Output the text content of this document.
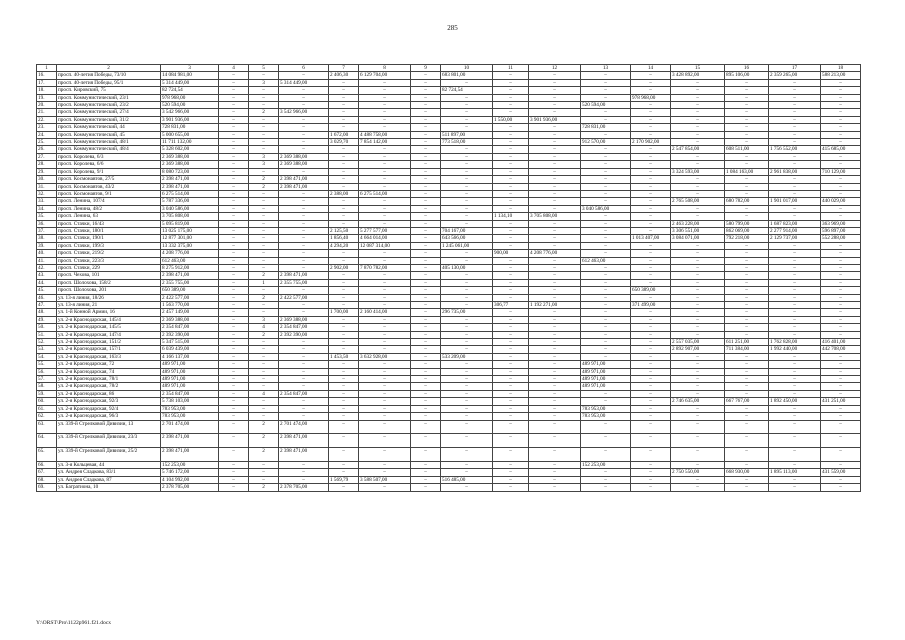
285
1	2	3	4	5	6	7	8	9	10	11	12	13	14	15	16	17	18
16.	просп. 40-летия Победы, 73/10	14 084 981,00	–	–	–	2 406,30	6 129 704,00	–	683 801,00	–	–	–	–	3 428 892,00	895 106,00	2 359 265,00	588 213,00
17.	просп. 40-летия Победы, 95/1	5 314 449,00	–	3	5 314 449,00	–	–	–	–	–	–	–	–	–	–	–	–
18.	просп. Кировский, 75	82 724,54	–	–	–	–	–	–	82 724,54	–	–	–	–	–	–	–	–
19.	просп. Коммунистический, 23/1	978 968,00	–	–	–	–	–	–	–	–	–	–	978 968,00	–	–	–	–
20.	просп. Коммунистический, 23/2	520 594,00	–	–	–	–	–	–	–	–	–	520 594,00	–	–	–	–	–
21.	просп. Коммунистический, 27/4	3 542 966,00	–	2	3 542 966,00	–	–	–	–	–	–	–	–	–	–	–	–
22.	просп. Коммунистический, 31/2	3 901 936,00	–	–	–	–	–	–	–	1 550,00	3 901 936,00	–	–	–	–	–	–
23.	просп. Коммунистический, 44	728 831,00	–	–	–	–	–	–	–	–	–	728 831,00	–	–	–	–	–
24.	просп. Коммунистический, 45	5 000 655,00	–	–	–	1 672,00	4 488 758,00	–	511 897,00	–	–	–	–	–	–	–	–
25.	просп. Коммунистический, 48/1	11 711 132,00	–	–	–	3 029,70	7 854 142,00	–	773 518,00	–	–	912 570,00	2 170 902,00	–	–	–	–
26.	просп. Коммунистический, 48/4	5 328 602,00	–	–	–	–	–	–	–	–	–	–	–	2 547 854,00	608 511,00	1 756 552,00	415 685,00
27.	просп. Королева, 6/3	2 369 388,00	–	3	2 369 388,00	–	–	–	–	–	–	–	–	–	–	–	–
28.	просп. Королева, 6/6	2 369 388,00	–	3	2 369 388,00	–	–	–	–	–	–	–	–	–	–	–	–
29.	просп. Королева, 9/1	8 080 723,00	–	–	–	–	–	–	–	–	–	–	–	3 324 593,00	1 084 163,00	2 961 838,00	710 129,00
30.	просп. Космонавтов, 27/5	2 398 471,00	–	2	2 398 471,00	–	–	–	–	–	–	–	–	–	–	–	–
31.	просп. Космонавтов, 43/2	2 398 471,00	–	2	2 398 471,00	–	–	–	–	–	–	–	–	–	–	–	–
32.	просп. Космонавтов, 9/1	6 275 514,00	–	–	–	2 388,00	6 275 514,00	–	–	–	–	–	–	–	–	–	–
33.	просп. Ленина, 107/4	5 787 336,00	–	–	–	–	–	–	–	–	–	–	–	2 765 508,00	680 782,00	1 901 017,00	440 029,00
34.	просп. Ленина, 48/2	3 040 586,00	–	–	–	–	–	–	–	–	–	3 040 586,00	–	–	–	–	–
35.	просп. Ленина, 63	3 705 808,00	–	–	–	–	–	–	–	1 134,10	3 705 808,00	–	–	–	–	–	–
36.	просп. Стачки, 16/43	5 095 819,00	–	–	–	–	–	–	–	–	–	–	–	2 463 228,00	580 799,00	1 687 823,00	363 969,00
37.	просп. Стачки, 180/1	13 025 175,00	–	–	–	2 125,50	5 277 577,00	–	704 167,00	–	–	–	–	3 306 551,00	862 069,00	2 277 914,00	596 897,00
38.	просп. Стачки, 190/1	12 877 301,00	–	–	–	1 856,40	4 664 014,00	–	643 566,00	–	–	–	1 013 407,00	3 084 071,00	792 218,00	2 129 737,00	552 288,00
39.	просп. Стачки, 199/3	13 332 375,00	–	–	–	4 294,20	12 087 314,00	–	1 245 061,00	–	–	–	–	–	–	–	–
40.	просп. Стачки, 219/2	4 208 776,00	–	–	–	–	–	–	–	900,00	4 208 776,00	–	–	–	–	–	–
41.	просп. Стачки, 223/3	612 463,00	–	–	–	–	–	–	–	–	–	612 463,00	–	–	–	–	–
42.	просп. Стачки, 229	8 275 912,00	–	–	–	2 902,00	7 870 782,00	–	405 130,00	–	–	–	–	–	–	–	–
43.	просп. Чехова, 101	2 398 471,00	–	2	2 398 471,00	–	–	–	–	–	–	–	–	–	–	–	–
44.	просп. Шолохова, 158/2	2 355 755,00	–	1	2 355 755,00	–	–	–	–	–	–	–	–	–	–	–	–
45.	просп. Шолохова, 201	650 389,00	–	–	–	–	–	–	–	–	–	–	650 389,00	–	–	–	–
46.	ул. 13-я линия, 18/26	2 422 577,00	–	2	2 422 577,00	–	–	–	–	–	–	–	–	–	–	–	–
47.	ул. 13-я линия, 21	1 563 770,00	–	–	–	–	–	–	–	306,77	1 192 271,00	–	371 499,00	–	–	–	–
48.	ул. 1-й Конной Армии, 16	2 457 149,00	–	–	–	1 700,00	2 160 414,00	–	296 735,00	–	–	–	–	–	–	–	–
49.	ул. 2-я Краснодарская, 145/4	2 369 388,00	–	3	2 369 388,00	–	–	–	–	–	–	–	–	–	–	–	–
50.	ул. 2-я Краснодарская, 145/5	2 354 847,00	–	4	2 354 847,00	–	–	–	–	–	–	–	–	–	–	–	–
51.	ул. 2-я Краснодарская, 147/4	2 392 390,00	–	2	2 392 390,00	–	–	–	–	–	–	–	–	–	–	–	–
52.	ул. 2-я Краснодарская, 151/2	5 347 515,00	–	–	–	–	–	–	–	–	–	–	–	2 557 035,00	611 251,00	1 762 828,00	416 401,00
53.	ул. 2-я Краснодарская, 157/1	6 039 439,00	–	–	–	–	–	–	–	–	–	–	–	2 892 907,00	711 384,00	1 992 440,00	442 708,00
54.	ул. 2-я Краснодарская, 163/3	4 166 137,00	–	–	–	1 453,50	3 632 928,00	–	533 209,00	–	–	–	–	–	–	–	–
55.	ул. 2-я Краснодарская, 72	489 971,00	–	–	–	–	–	–	–	–	–	489 971,00	–	–	–	–	–
56.	ул. 2-я Краснодарская, 74	489 971,00	–	–	–	–	–	–	–	–	–	489 971,00	–	–	–	–	–
57.	ул. 2-я Краснодарская, 78/1	489 971,00	–	–	–	–	–	–	–	–	–	489 971,00	–	–	–	–	–
58.	ул. 2-я Краснодарская, 78/2	489 971,00	–	–	–	–	–	–	–	–	–	489 971,00	–	–	–	–	–
59.	ул. 2-я Краснодарская, 86	2 354 847,00	–	4	2 354 847,00	–	–	–	–	–	–	–	–	–	–	–	–
60.	ул. 2-я Краснодарская, 92/3	5 738 103,00	–	–	–	–	–	–	–	–	–	–	–	2 746 635,00	667 767,00	1 892 450,00	431 251,00
61.	ул. 2-я Краснодарская, 92/4	783 953,00	–	–	–	–	–	–	–	–	–	783 953,00	–	–	–	–	–
62.	ул. 2-я Краснодарская, 96/3	783 953,00	–	–	–	–	–	–	–	–	–	783 953,00	–	–	–	–	–
63.	ул. 339-й Стрелковой Дивизии, 13	2 701 474,00	–	2	2 701 474,00	–	–	–	–	–	–	–	–	–	–	–	–
64.	ул. 339-й Стрелковой Дивизии, 23/3	2 398 471,00	–	2	2 398 471,00	–	–	–	–	–	–	–	–	–	–	–	–
65.	ул. 339-й Стрелковой Дивизии, 25/2	2 398 471,00	–	2	2 398 471,00	–	–	–	–	–	–	–	–	–	–	–	–
66.	ул. 3-я Кольцевая, 44	152 253,00	–	–	–	–	–	–	–	–	–	152 253,00	–	–	–	–	–
67.	ул. Андрея Сладкова, 83/1	5 746 172,00	–	–	–	–	–	–	–	–	–	–	–	2 750 550,00	668 930,00	1 895 113,00	431 559,00
68.	ул. Андрея Сладкова, 87	4 104 992,00	–	–	–	1 569,79	3 588 507,00	–	516 485,00	–	–	–	–	–	–	–	–
69.	ул. Багратиона, 10	2 378 705,00	–	2	2 378 705,00	–	–	–	–	–	–	–	–	–	–	–	–
Y:\ORST\Pro\1122p961.f21.docx
